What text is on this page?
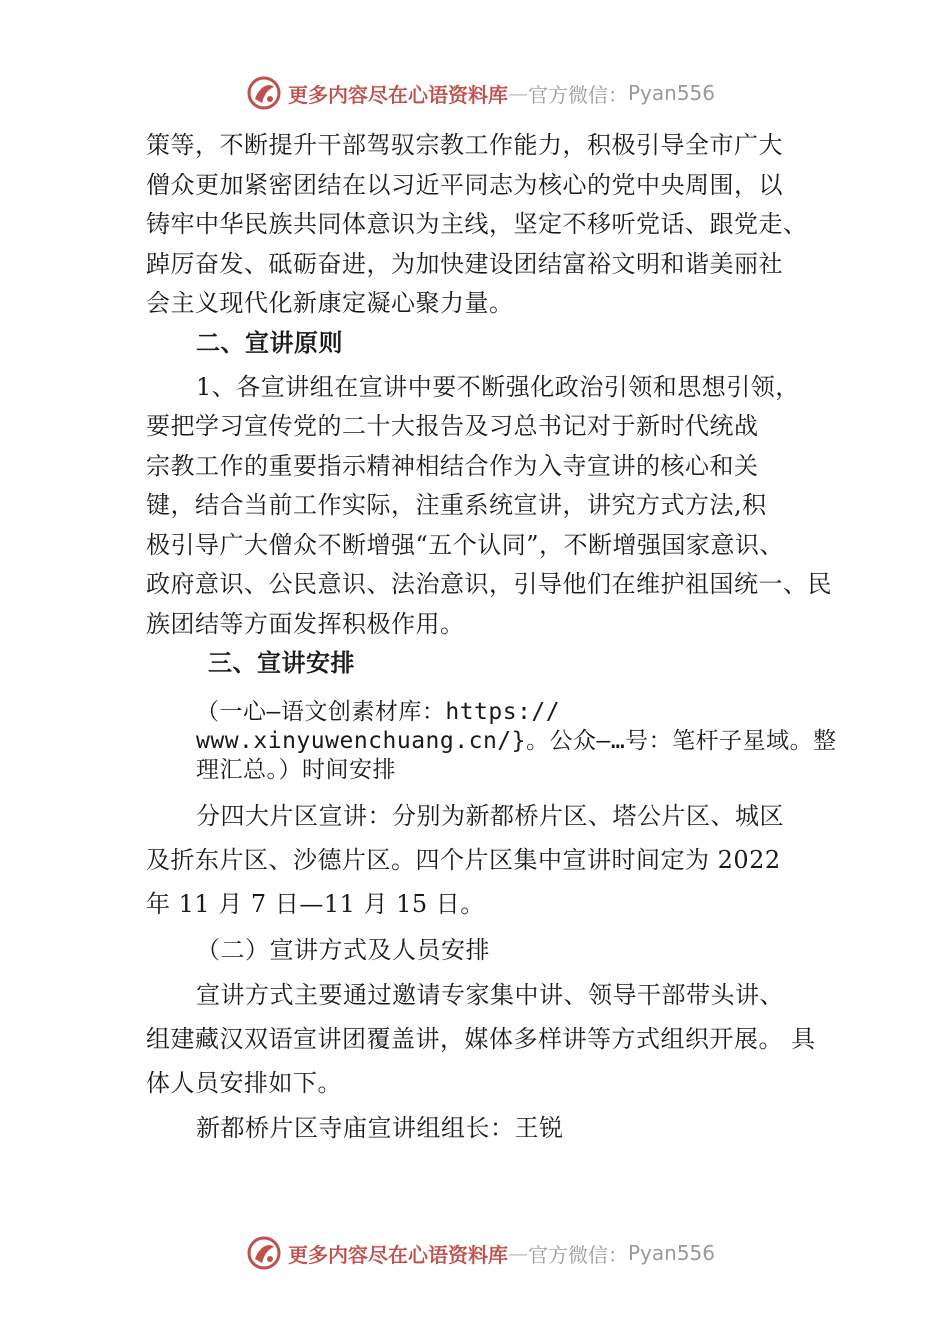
更多内容尽在心语资料库 — 官方微信： Pyan556
策等，不断提升干部驾驭宗教工作能力，积极引导全市广大
僧众更加紧密团结在以习近平同志为核心的党中央周围，以
铸牢中华民族共同体意识为主线，坚定不移听党话、跟党走、
踔厉奋发、砥砺奋进，为加快建设团结富裕文明和谐美丽社
会主义现代化新康定凝心聚力量。
二、宣讲原则
1、各宣讲组在宣讲中要不断强化政治引领和思想引领，
要把学习宣传党的二十大报告及习总书记对于新时代统战
宗教工作的重要指示精神相结合作为入寺宣讲的核心和关
键，结合当前工作实际，注重系统宣讲，讲究方式方法,积
极引导广大僧众不断增强“五个认同”，不断增强国家意识、
政府意识、公民意识、法治意识，引导他们在维护祖国统一、民
族团结等方面发挥积极作用。
三、宣讲安排
（一心—语文创素材库：https://
www.xinyuwenchuang.cn/}。公众—…号：笔杆子星域。整
理汇总。）时间安排
分四大片区宣讲：分别为新都桥片区、塔公片区、城区
及折东片区、沙德片区。四个片区集中宣讲时间定为 2022
年 11 月 7 日—11 月 15 日。
（二）宣讲方式及人员安排
宣讲方式主要通过邀请专家集中讲、领导干部带头讲、
组建藏汉双语宣讲团覆盖讲，媒体多样讲等方式组织开展。 具
体人员安排如下。
新都桥片区寺庙宣讲组组长：王锐
更多内容尽在心语资料库 — 官方微信： Pyan556
